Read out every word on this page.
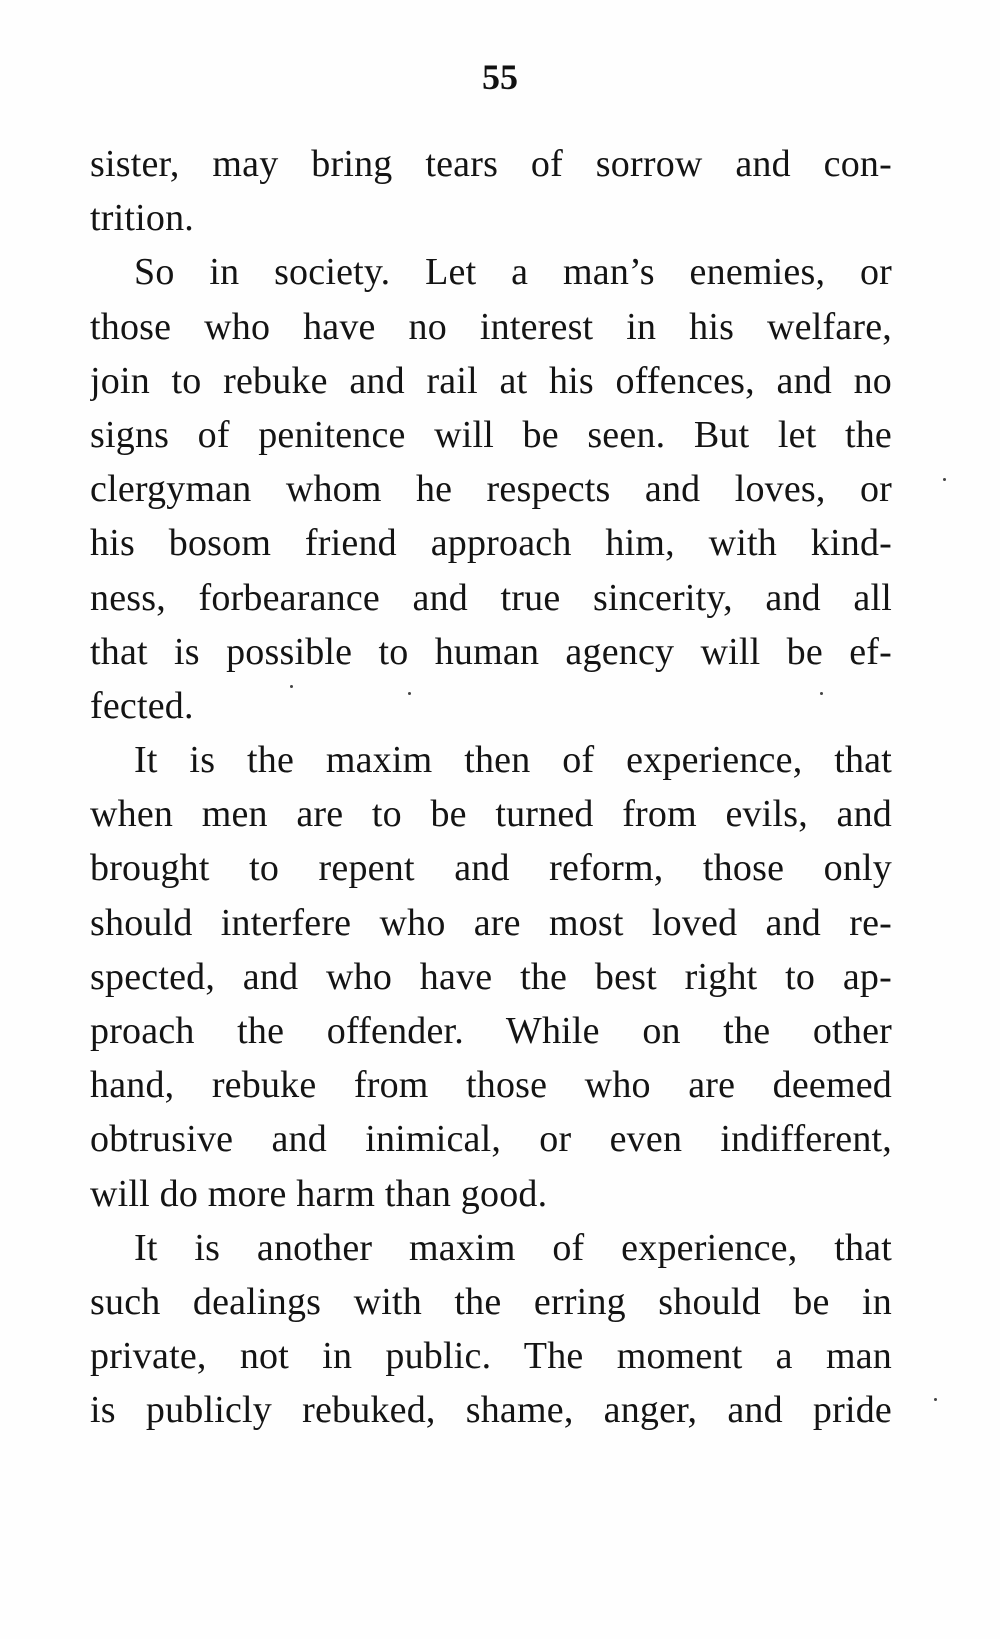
55
sister, may bring tears of sorrow and con-
trition.
So in society. Let a man’s enemies, or
those who have no interest in his welfare,
join to rebuke and rail at his offences, and no
signs of penitence will be seen. But let the
clergyman whom he respects and loves, or
his bosom friend approach him, with kind-
ness, forbearance and true sincerity, and all
that is possible to human agency will be ef-
fected.
It is the maxim then of experience, that
when men are to be turned from evils, and
brought to repent and reform, those only
should interfere who are most loved and re-
spected, and who have the best right to ap-
proach the offender. While on the other
hand, rebuke from those who are deemed
obtrusive and inimical, or even indifferent,
will do more harm than good.
It is another maxim of experience, that
such dealings with the erring should be in
private, not in public. The moment a man
is publicly rebuked, shame, anger, and pride
